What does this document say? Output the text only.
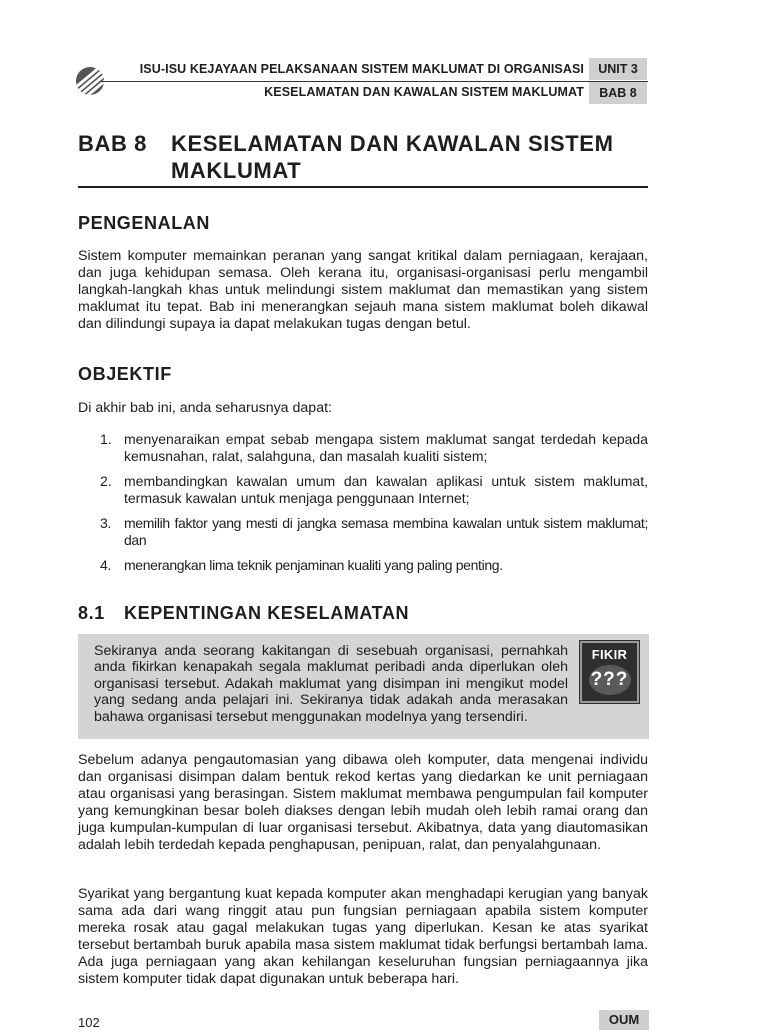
ISU-ISU KEJAYAAN PELAKSANAAN SISTEM MAKLUMAT DI ORGANISASI
KESELAMATAN DAN KAWALAN SISTEM MAKLUMAT
UNIT 3
BAB 8
BAB 8 KESELAMATAN DAN KAWALAN SISTEM MAKLUMAT
PENGENALAN

Sistem komputer memainkan peranan yang sangat kritikal dalam perniagaan, kerajaan, dan juga kehidupan semasa. Oleh kerana itu, organisasi-organisasi perlu mengambil langkah-langkah khas untuk melindungi sistem maklumat dan memastikan yang sistem maklumat itu tepat. Bab ini menerangkan sejauh mana sistem maklumat boleh dikawal dan dilindungi supaya ia dapat melakukan tugas dengan betul.

OBJEKTIF

Di akhir bab ini, anda seharusnya dapat:

1. menyenaraikan empat sebab mengapa sistem maklumat sangat terdedah kepada kemusnahan, ralat, salahguna, dan masalah kualiti sistem;
2. membandingkan kawalan umum dan kawalan aplikasi untuk sistem maklumat, termasuk kawalan untuk menjaga penggunaan Internet;
3. memilih faktor yang mesti di jangka semasa membina kawalan untuk sistem maklumat; dan
4. menerangkan lima teknik penjaminan kualiti yang paling penting.
8.1 KEPENTINGAN KESELAMATAN

Sekiranya anda seorang kakitangan di sesebuah organisasi, pernahkah anda fikirkan kenapakah segala maklumat peribadi anda diperlukan oleh organisasi tersebut. Adakah maklumat yang disimpan ini mengikut model yang sedang anda pelajari ini. Sekiranya tidak adakah anda merasakan bahawa organisasi tersebut menggunakan modelnya yang tersendiri.

FIKIR
???

Sebelum adanya pengautomasian yang dibawa oleh komputer, data mengenai individu dan organisasi disimpan dalam bentuk rekod kertas yang diedarkan ke unit perniagaan atau organisasi yang berasingan. Sistem maklumat membawa pengumpulan fail komputer yang kemungkinan besar boleh diakses dengan lebih mudah oleh lebih ramai orang dan juga kumpulan-kumpulan di luar organisasi tersebut. Akibatnya, data yang diautomasikan adalah lebih terdedah kepada penghapusan, penipuan, ralat, dan penyalahgunaan.

Syarikat yang bergantung kuat kepada komputer akan menghadapi kerugian yang banyak sama ada dari wang ringgit atau pun fungsian perniagaan apabila sistem komputer mereka rosak atau gagal melakukan tugas yang diperlukan. Kesan ke atas syarikat tersebut bertambah buruk apabila masa sistem maklumat tidak berfungsi bertambah lama. Ada juga perniagaan yang akan kehilangan keseluruhan fungsian perniagaannya jika sistem komputer tidak dapat digunakan untuk beberapa hari.

102	OUM
